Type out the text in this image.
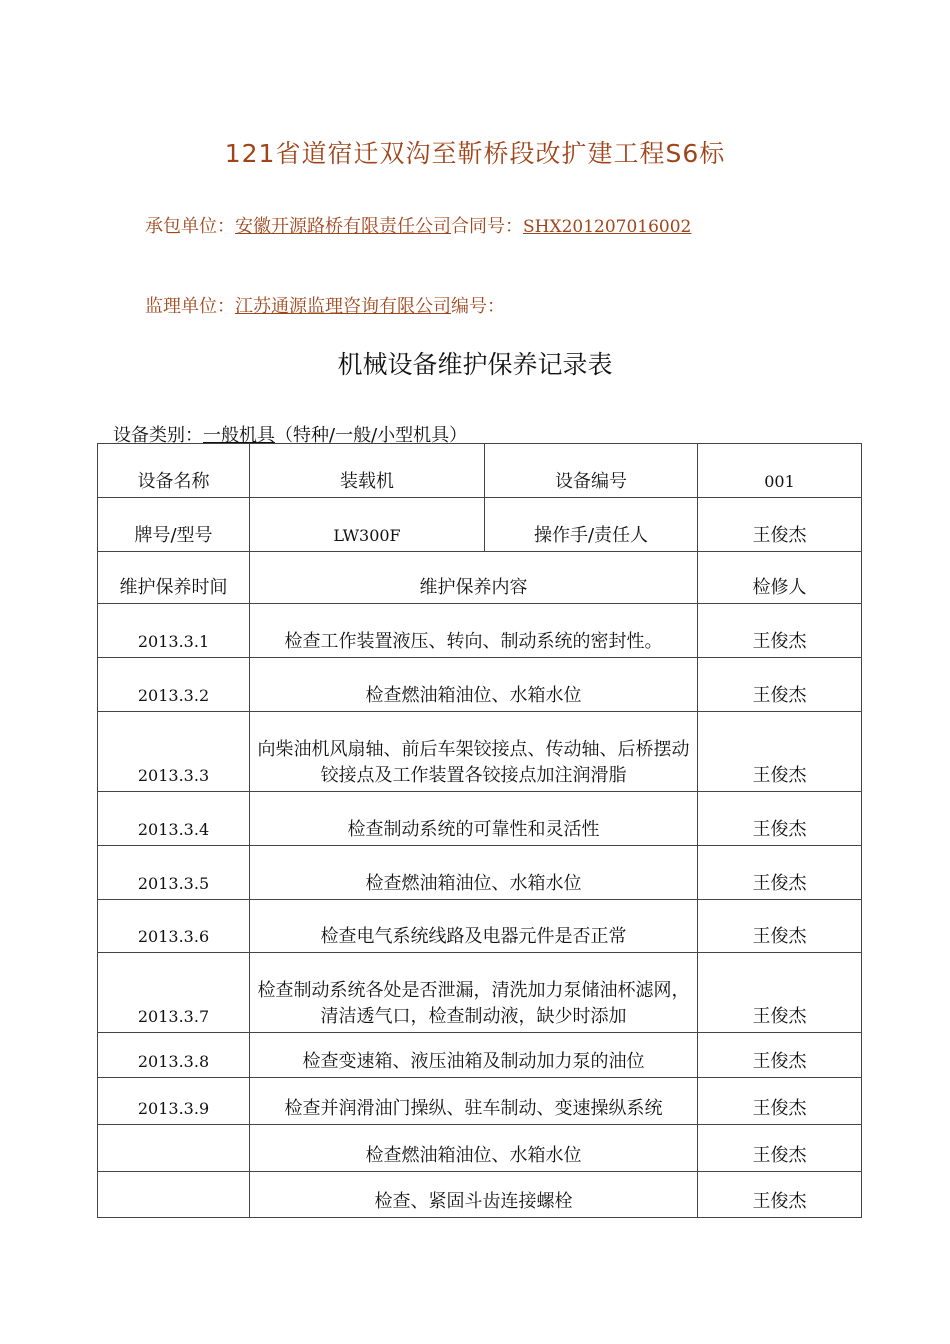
121省道宿迁双沟至靳桥段改扩建工程S6标
承包单位：安徽开源路桥有限责任公司合同号：SHX201207016002
监理单位：江苏通源监理咨询有限公司编号：
机械设备维护保养记录表
设备类别：一般机具（特种/一般/小型机具）
设备名称	装载机	设备编号	001
牌号/型号	LW300F	操作手/责任人	王俊杰
维护保养时间	维护保养内容		检修人
2013.3.1	检查工作装置液压、转向、制动系统的密封性。		王俊杰
2013.3.2	检查燃油箱油位、水箱水位		王俊杰
2013.3.3	向柴油机风扇轴、前后车架铰接点、传动轴、后桥摆动铰接点及工作装置各铰接点加注润滑脂		王俊杰
2013.3.4	检查制动系统的可靠性和灵活性		王俊杰
2013.3.5	检查燃油箱油位、水箱水位		王俊杰
2013.3.6	检查电气系统线路及电器元件是否正常		王俊杰
2013.3.7	检查制动系统各处是否泄漏，清洗加力泵储油杯滤网，清洁透气口，检查制动液，缺少时添加		王俊杰
2013.3.8	检查变速箱、液压油箱及制动加力泵的油位		王俊杰
2013.3.9	检查并润滑油门操纵、驻车制动、变速操纵系统		王俊杰
	检查燃油箱油位、水箱水位		王俊杰
	检查、紧固斗齿连接螺栓		王俊杰
